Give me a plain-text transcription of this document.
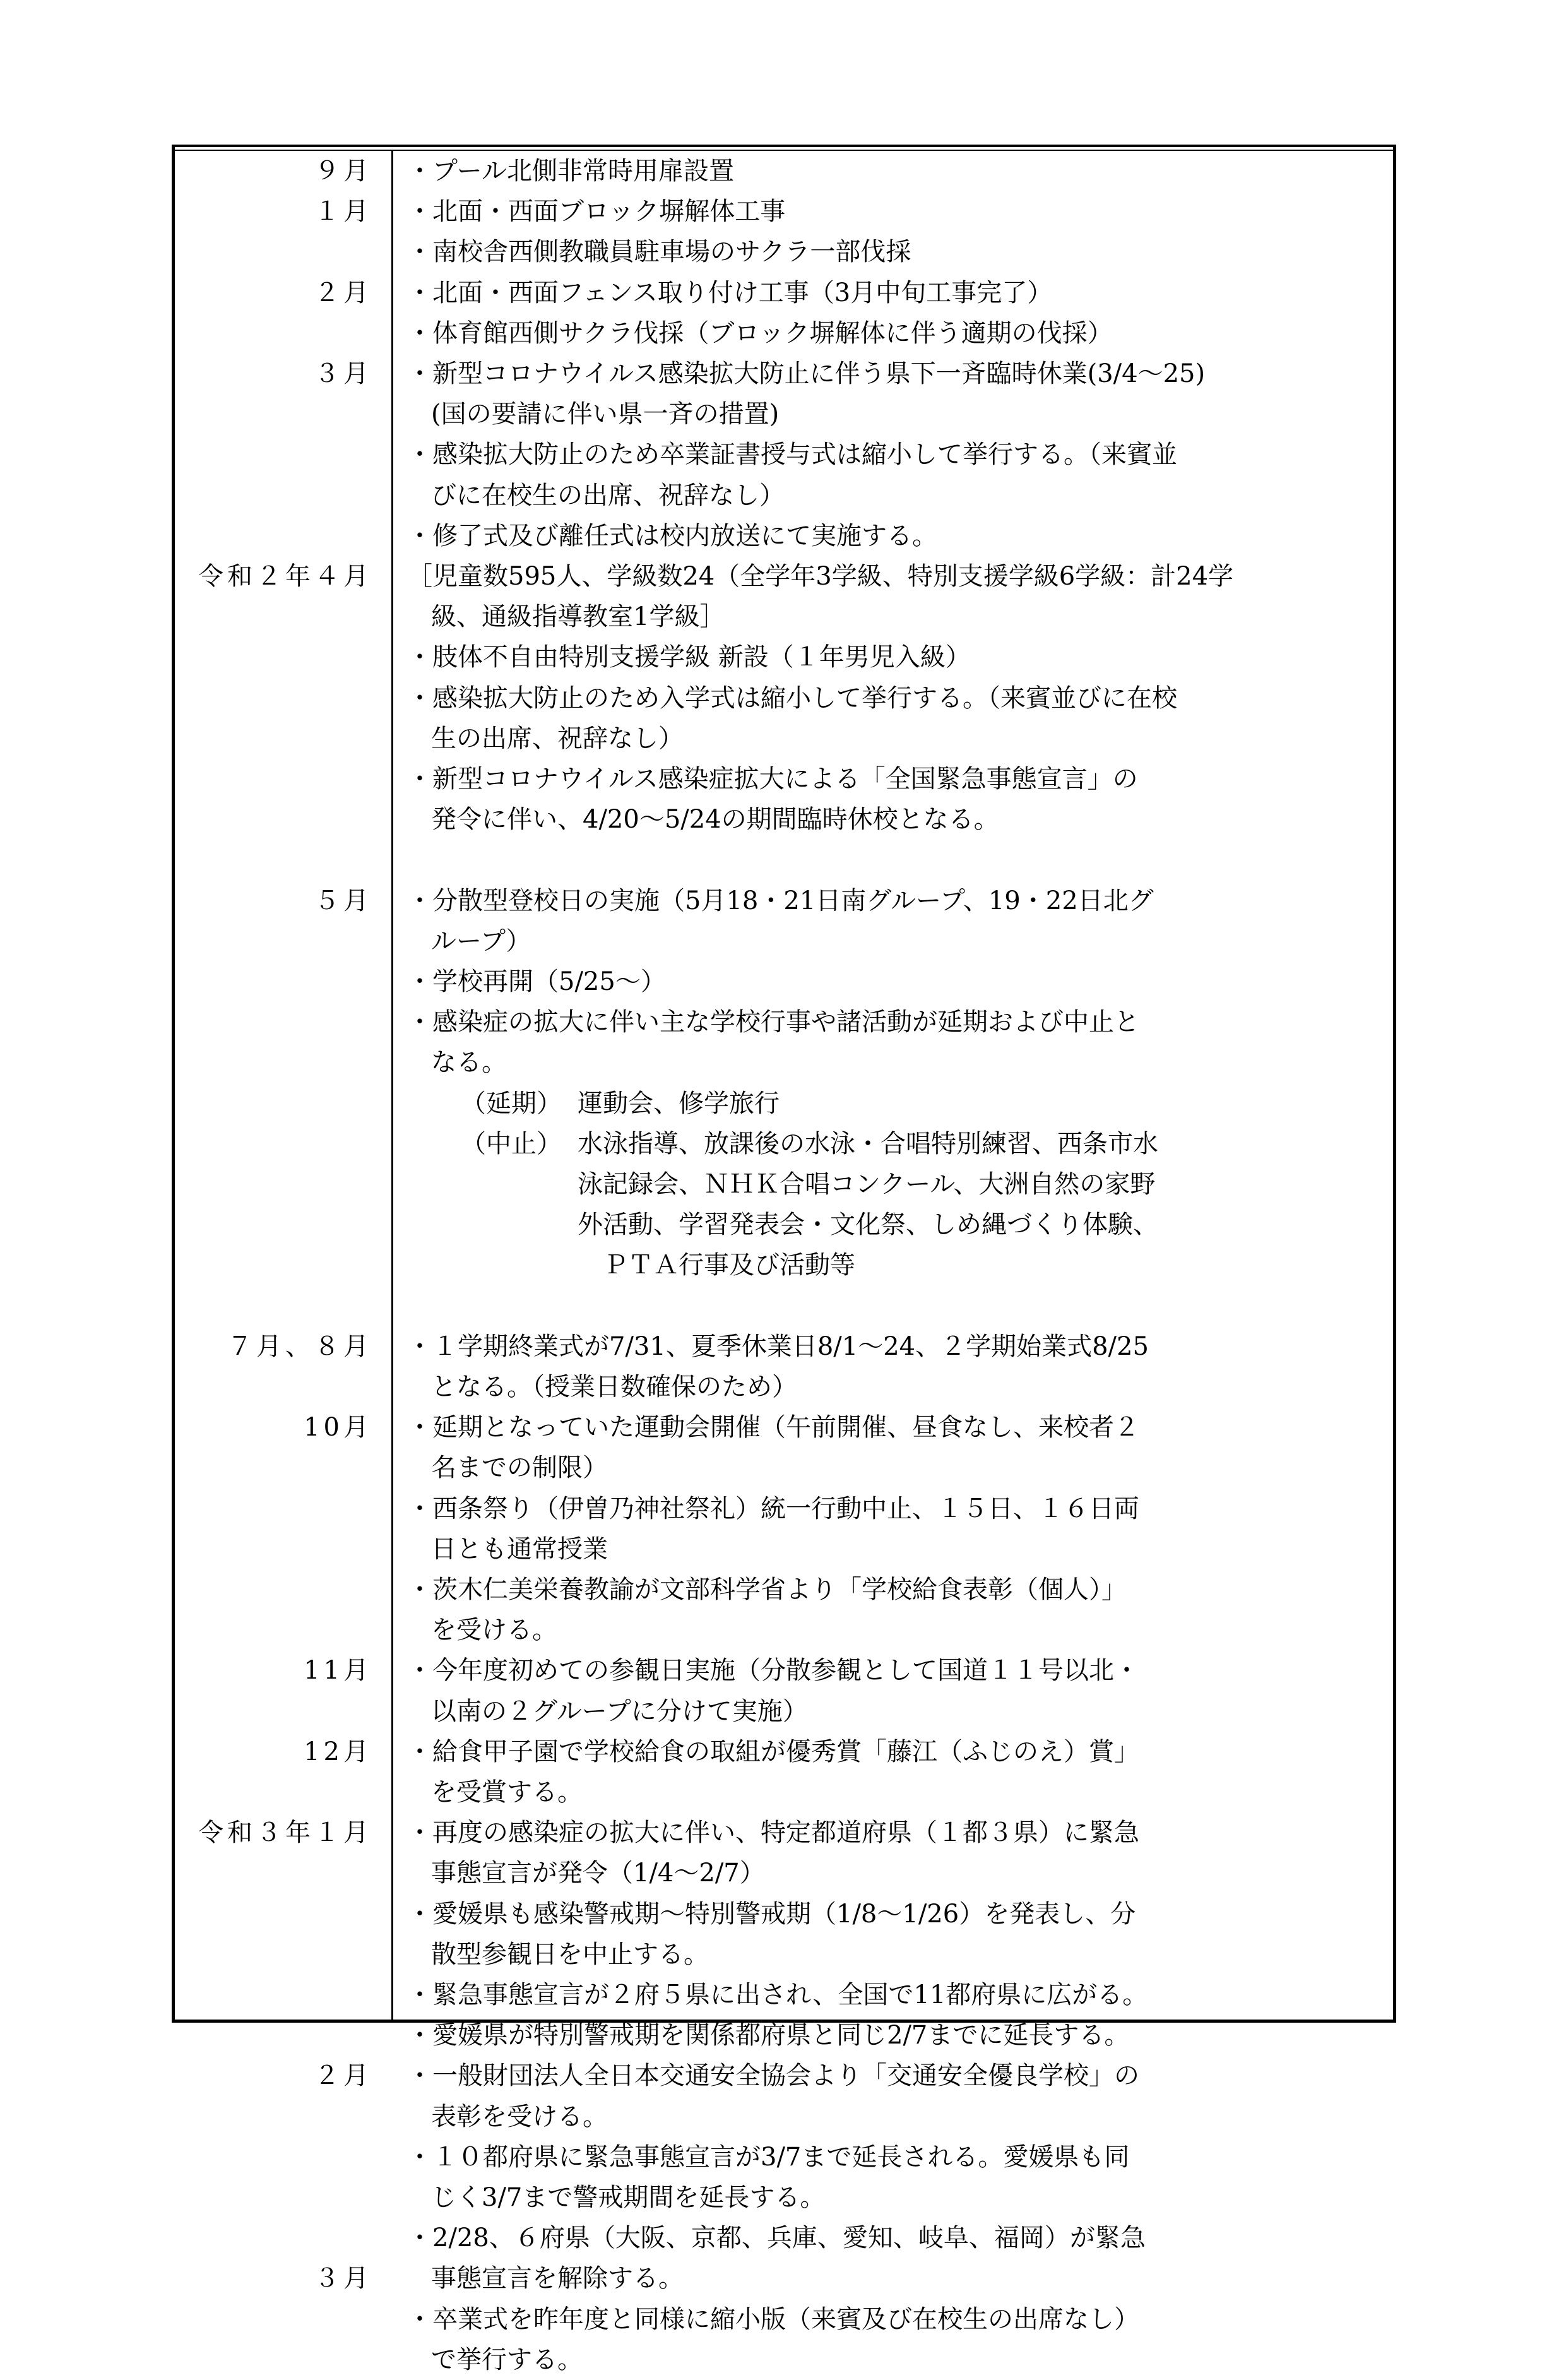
９月
１月
２月
３月
令和２年４月
５月
７月、８月
10月
11月
12月
令和３年１月
２月
３月
・プール北側非常時用扉設置
・北面・西面ブロック塀解体工事
・南校舎西側教職員駐車場のサクラ一部伐採
・北面・西面フェンス取り付け工事（3月中旬工事完了）
・体育館西側サクラ伐採（ブロック塀解体に伴う適期の伐採）
・新型コロナウイルス感染拡大防止に伴う県下一斉臨時休業(3/4～25)
(国の要請に伴い県一斉の措置)
・感染拡大防止のため卒業証書授与式は縮小して挙行する。（来賓並
びに在校生の出席、祝辞なし）
・修了式及び離任式は校内放送にて実施する。
［児童数595人、学級数24（全学年3学級、特別支援学級6学級：計24学
級、通級指導教室1学級］
・肢体不自由特別支援学級 新設（１年男児入級）
・感染拡大防止のため入学式は縮小して挙行する。（来賓並びに在校
生の出席、祝辞なし）
・新型コロナウイルス感染症拡大による「全国緊急事態宣言」の
発令に伴い、4/20～5/24の期間臨時休校となる。
・分散型登校日の実施（5月18・21日南グループ、19・22日北グ
ループ）
・学校再開（5/25～）
・感染症の拡大に伴い主な学校行事や諸活動が延期および中止と
なる。
（延期）
（中止）
・１学期終業式が7/31、夏季休業日8/1～24、２学期始業式8/25
となる。（授業日数確保のため）
・延期となっていた運動会開催（午前開催、昼食なし、来校者２
名までの制限）
・西条祭り（伊曽乃神社祭礼）統一行動中止、１５日、１６日両
日とも通常授業
・茨木仁美栄養教諭が文部科学省より「学校給食表彰（個人）」
を受ける。
・今年度初めての参観日実施（分散参観として国道１１号以北・
以南の２グループに分けて実施）
・給食甲子園で学校給食の取組が優秀賞「藤江（ふじのえ）賞」
を受賞する。
・再度の感染症の拡大に伴い、特定都道府県（１都３県）に緊急
事態宣言が発令（1/4～2/7）
・愛媛県も感染警戒期～特別警戒期（1/8～1/26）を発表し、分
散型参観日を中止する。
・緊急事態宣言が２府５県に出され、全国で11都府県に広がる。
・愛媛県が特別警戒期を関係都府県と同じ2/7までに延長する。
・一般財団法人全日本交通安全協会より「交通安全優良学校」の
表彰を受ける。
・１０都府県に緊急事態宣言が3/7まで延長される。愛媛県も同
じく3/7まで警戒期間を延長する。
・2/28、６府県（大阪、京都、兵庫、愛知、岐阜、福岡）が緊急
事態宣言を解除する。
・卒業式を昨年度と同様に縮小版（来賓及び在校生の出席なし）
で挙行する。
運動会、修学旅行
水泳指導、放課後の水泳・合唱特別練習、西条市水
泳記録会、ＮＨＫ合唱コンクール、大洲自然の家野
外活動、学習発表会・文化祭、しめ縄づくり体験、
ＰＴＡ行事及び活動等
